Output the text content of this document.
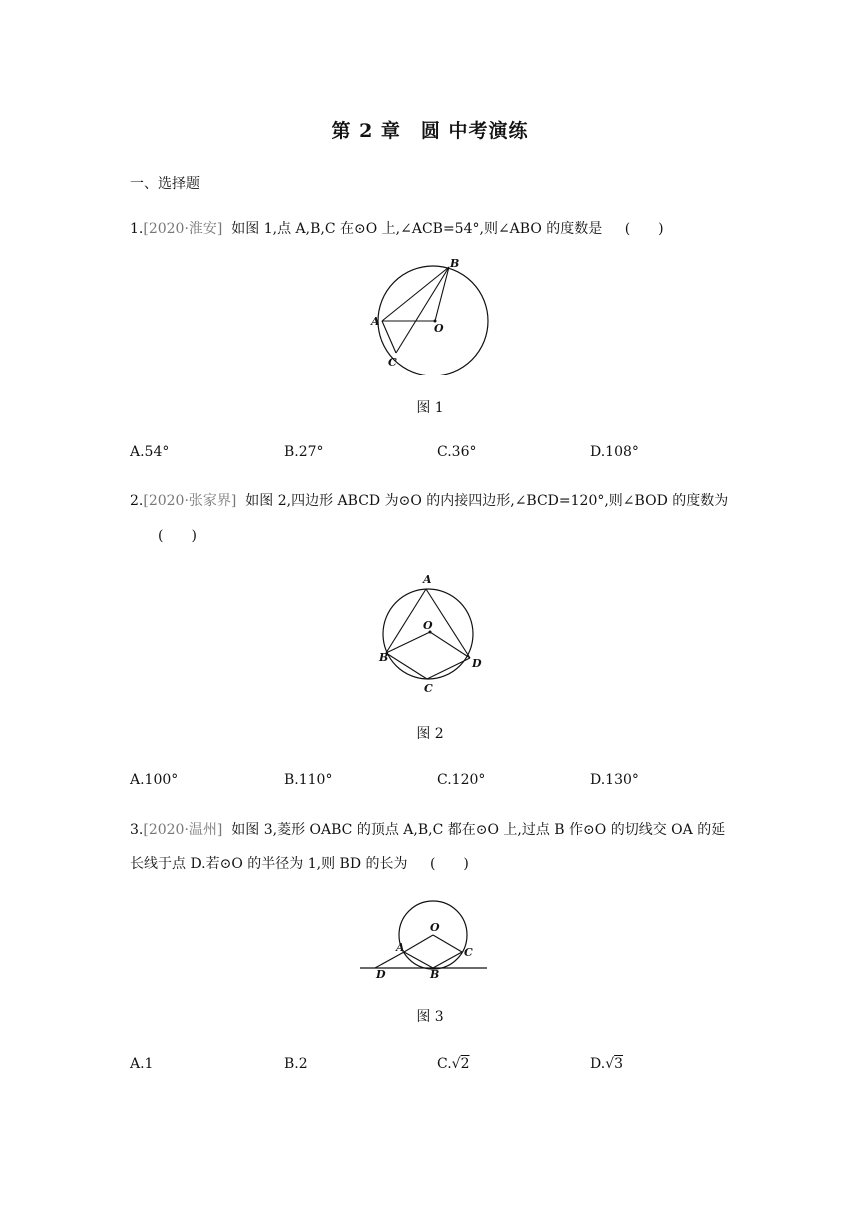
第 2 章　圆 中考演练
一、选择题
1.[2020·淮安] 如图 1,点 A,B,C 在⊙O 上,∠ACB=54°,则∠ABO 的度数是 (　　)
B
A
O
C
图 1
A.54°	B.27°	C.36°	D.108°
2.[2020·张家界] 如图 2,四边形 ABCD 为⊙O 的内接四边形,∠BCD=120°,则∠BOD 的度数为
(　　)
A
O
B	D
C
图 2
A.100°	B.110°	C.120°	D.130°
3.[2020·温州] 如图 3,菱形 OABC 的顶点 A,B,C 都在⊙O 上,过点 B 作⊙O 的切线交 OA 的延
长线于点 D.若⊙O 的半径为 1,则 BD 的长为 (　　)
O
A	C
D	B
图 3
A.1	B.2	C.√2	D.√3
